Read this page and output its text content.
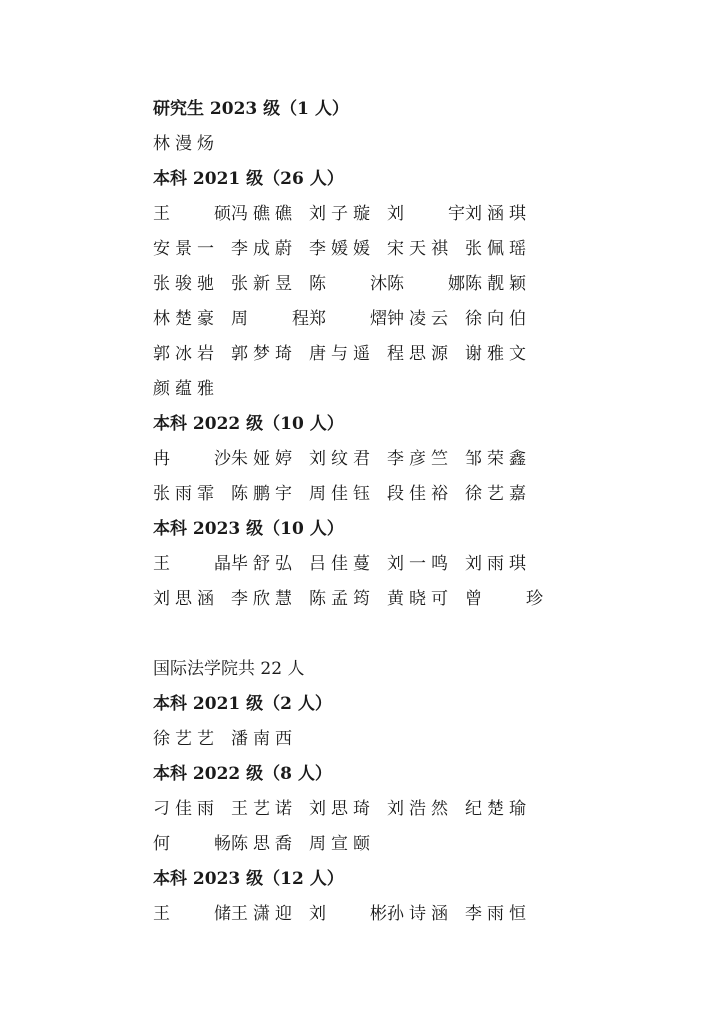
研究生 2023 级（1 人）
林漫炀
本科 2021 级（26 人）
王	硕 冯礁礁 刘子璇 刘	宇 刘涵琪
安景一 李成蔚 李媛媛 宋天祺 张佩瑶
张骏驰 张新昱 陈	沐 陈	娜 陈靓颖
林楚豪 周	程 郑	熠 钟凌云 徐向伯
郭冰岩 郭梦琦 唐与遥 程思源 谢雅文
颜蕴雅
本科 2022 级（10 人）
冉	沙 朱娅婷 刘纹君 李彦竺 邹荣鑫
张雨霏 陈鹏宇 周佳钰 段佳裕 徐艺嘉
本科 2023 级（10 人）
王	晶 毕舒弘 吕佳蔓 刘一鸣 刘雨琪
刘思涵 李欣慧 陈孟筠 黄晓可 曾	珍
国际法学院共 22 人
本科 2021 级（2 人）
徐艺艺 潘南西
本科 2022 级（8 人）
刁佳雨 王艺诺 刘思琦 刘浩然 纪楚瑜
何	畅 陈思喬 周宣颐
本科 2023 级（12 人）
王	储 王潇迎 刘	彬 孙诗涵 李雨恒
